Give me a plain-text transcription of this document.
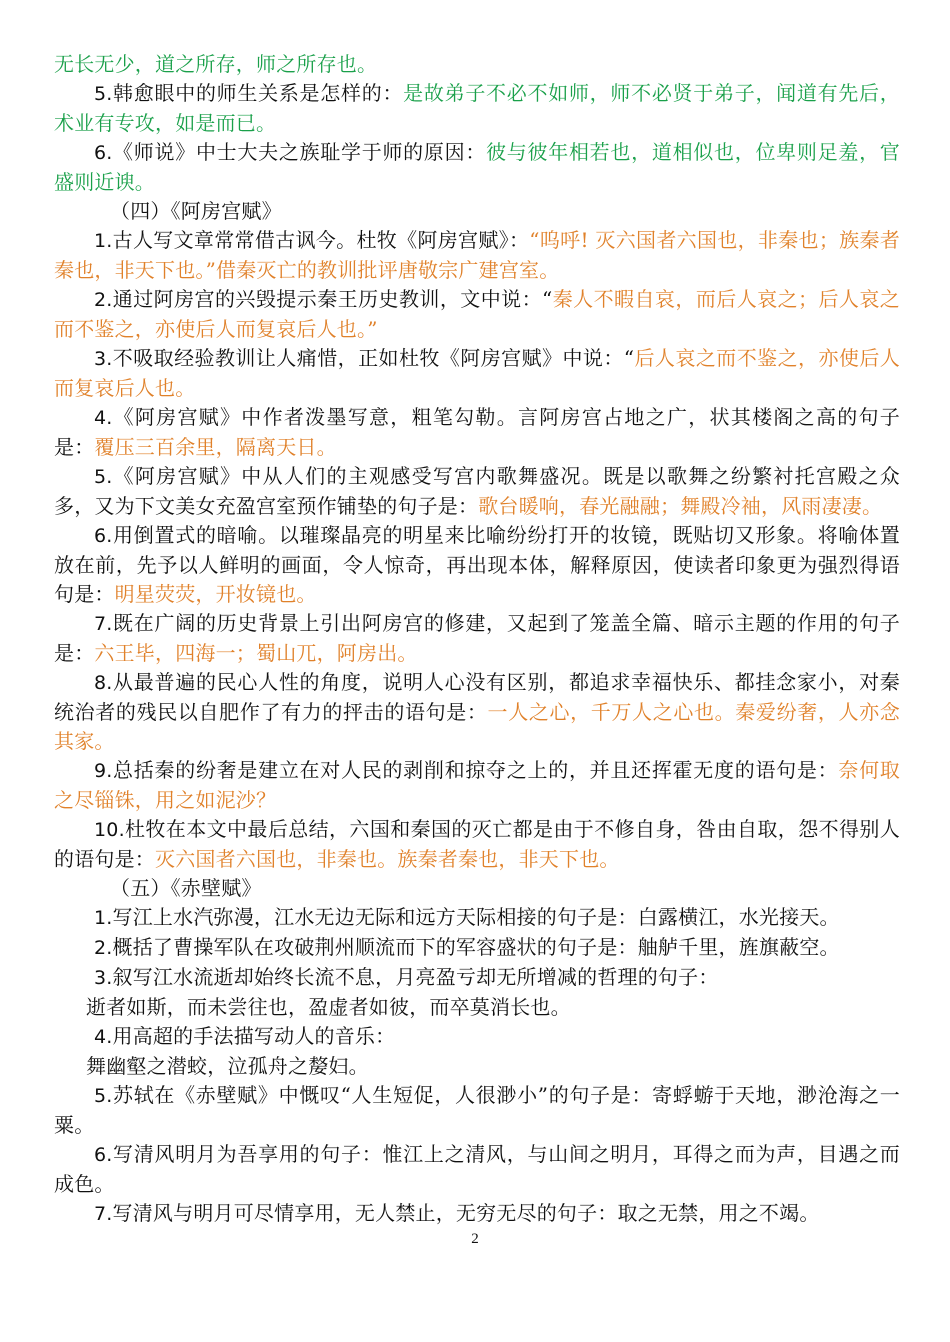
无长无少，道之所存，师之所存也。

5.韩愈眼中的师生关系是怎样的：是故弟子不必不如师，师不必贤于弟子，闻道有先后，术业有专攻，如是而已。

6.《师说》中士大夫之族耻学于师的原因：彼与彼年相若也，道相似也，位卑则足羞，官盛则近谀。

（四）《阿房宫赋》

1.古人写文章常常借古讽今。杜牧《阿房宫赋》：“呜呼! 灭六国者六国也，非秦也；族秦者秦也，非天下也。”借秦灭亡的教训批评唐敬宗广建宫室。

2.通过阿房宫的兴毁提示秦王历史教训，文中说：“秦人不暇自哀，而后人哀之；后人哀之而不鉴之，亦使后人而复哀后人也。”

3.不吸取经验教训让人痛惜，正如杜牧《阿房宫赋》中说：“后人哀之而不鉴之，亦使后人而复哀后人也。

4.《阿房宫赋》中作者泼墨写意，粗笔勾勒。言阿房宫占地之广，状其楼阁之高的句子是：覆压三百余里，隔离天日。

5.《阿房宫赋》中从人们的主观感受写宫内歌舞盛况。既是以歌舞之纷繁衬托宫殿之众多，又为下文美女充盈宫室预作铺垫的句子是：歌台暖响，春光融融；舞殿冷袖，风雨凄凄。

6.用倒置式的暗喻。以璀璨晶亮的明星来比喻纷纷打开的妆镜，既贴切又形象。将喻体置放在前，先予以人鲜明的画面，令人惊奇，再出现本体，解释原因，使读者印象更为强烈得语句是：明星荧荧，开妆镜也。

7.既在广阔的历史背景上引出阿房宫的修建，又起到了笼盖全篇、暗示主题的作用的句子是：六王毕，四海一；蜀山兀，阿房出。

8.从最普遍的民心人性的角度，说明人心没有区别，都追求幸福快乐、都挂念家小，对秦统治者的残民以自肥作了有力的抨击的语句是：一人之心，千万人之心也。秦爱纷奢，人亦念其家。

9.总括秦的纷奢是建立在对人民的剥削和掠夺之上的，并且还挥霍无度的语句是：奈何取之尽锱铢，用之如泥沙？

10.杜牧在本文中最后总结，六国和秦国的灭亡都是由于不修自身，咎由自取，怨不得别人的语句是：灭六国者六国也，非秦也。族秦者秦也，非天下也。

（五）《赤壁赋》

1.写江上水汽弥漫，江水无边无际和远方天际相接的句子是：白露横江，水光接天。

2.概括了曹操军队在攻破荆州顺流而下的军容盛状的句子是：舳舻千里，旌旗蔽空。

3.叙写江水流逝却始终长流不息，月亮盈亏却无所增减的哲理的句子：

逝者如斯，而未尝往也，盈虚者如彼，而卒莫消长也。

4.用高超的手法描写动人的音乐：

舞幽壑之潜蛟，泣孤舟之嫠妇。

5.苏轼在《赤壁赋》中慨叹“人生短促，人很渺小”的句子是：寄蜉蝣于天地，渺沧海之一粟。

6.写清风明月为吾享用的句子：惟江上之清风，与山间之明月，耳得之而为声，目遇之而成色。

7.写清风与明月可尽情享用，无人禁止，无穷无尽的句子：取之无禁，用之不竭。

2
